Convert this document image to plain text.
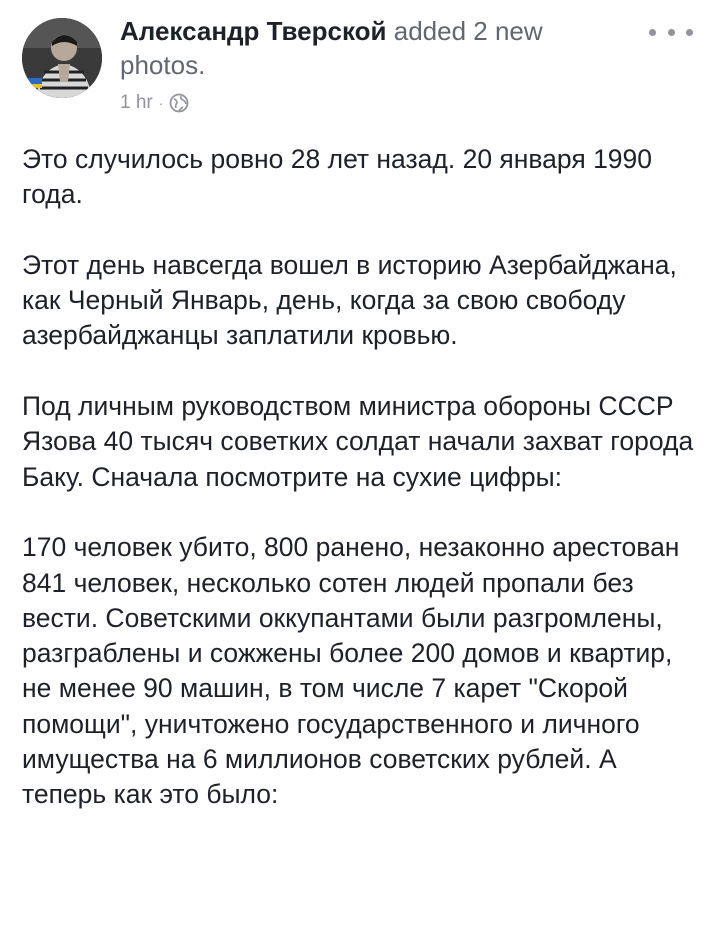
Александр Тверской added 2 new photos.
1 hr ·

Это случилось ровно 28 лет назад. 20 января 1990 года.

Этот день навсегда вошел в историю Азербайджана, как Черный Январь, день, когда за свою свободу азербайджанцы заплатили кровью.

Под личным руководством министра обороны СССР Язова 40 тысяч советких солдат начали захват города Баку. Сначала посмотрите на сухие цифры:

170 человек убито, 800 ранено, незаконно арестован 841 человек, несколько сотен людей пропали без вести. Советскими оккупантами были разгромлены, разграблены и сожжены более 200 домов и квартир, не менее 90 машин, в том числе 7 карет "Скорой помощи", уничтожено государственного и личного имущества на 6 миллионов советских рублей. А теперь как это было:
